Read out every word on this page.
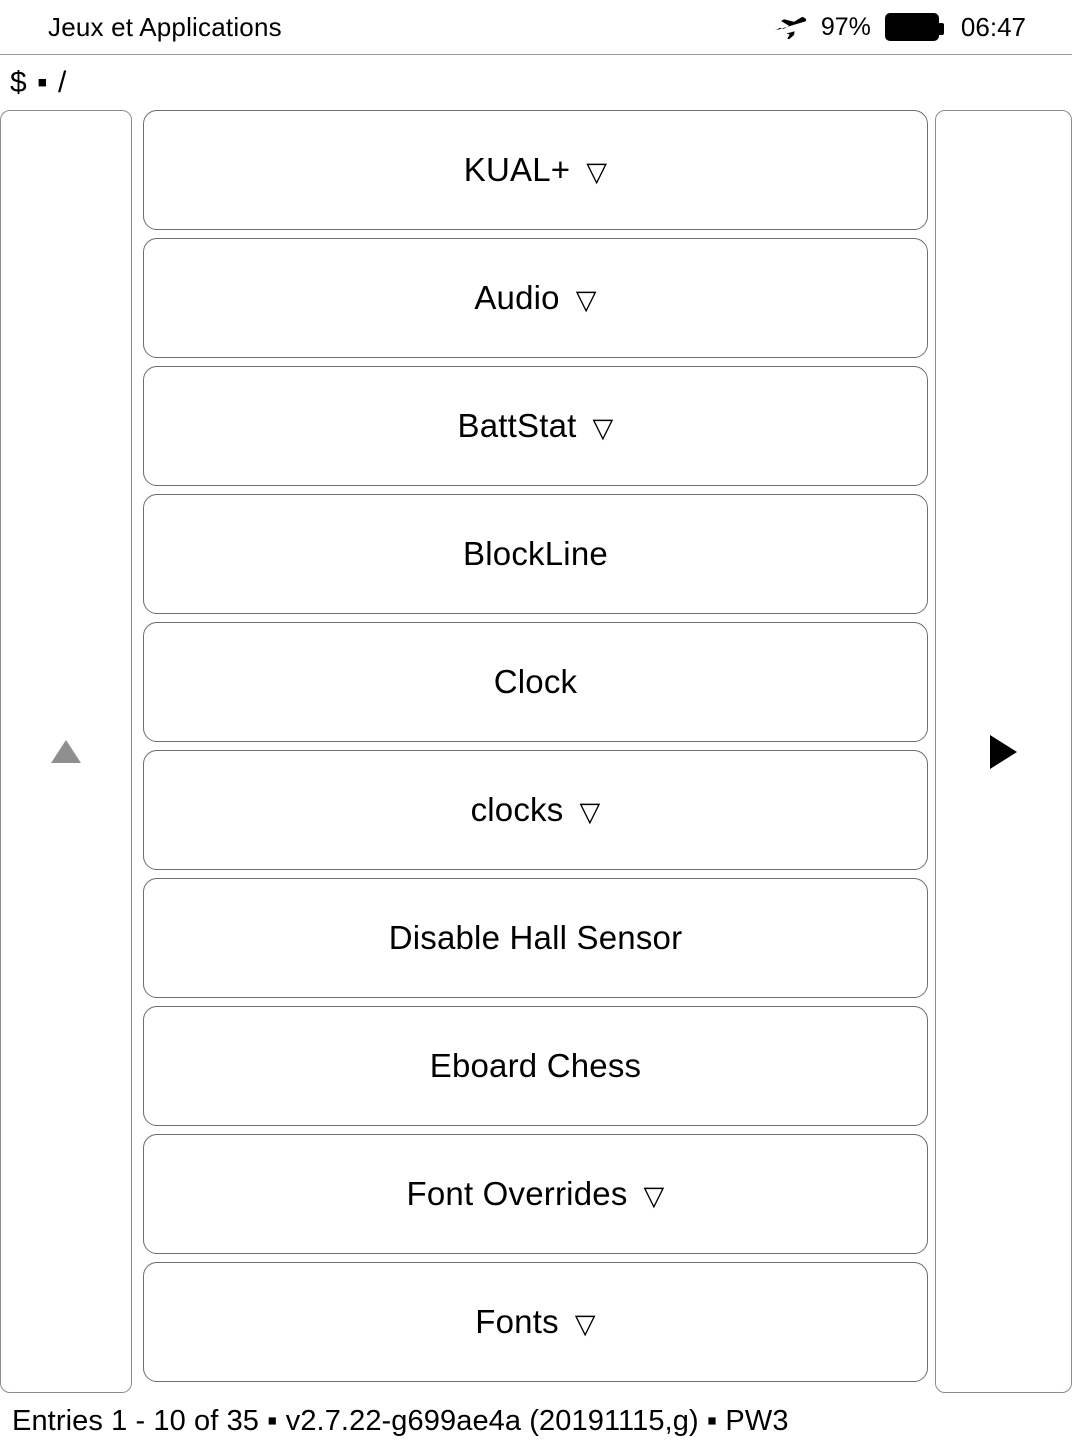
Jeux et Applications	97%	06:47
$ ▪ /
KUAL+ ▽
Audio ▽
BattStat ▽
BlockLine
Clock
clocks ▽
Disable Hall Sensor
Eboard Chess
Font Overrides ▽
Fonts ▽
Entries 1 - 10 of 35 ▪ v2.7.22-g699ae4a (20191115,g) ▪ PW3
